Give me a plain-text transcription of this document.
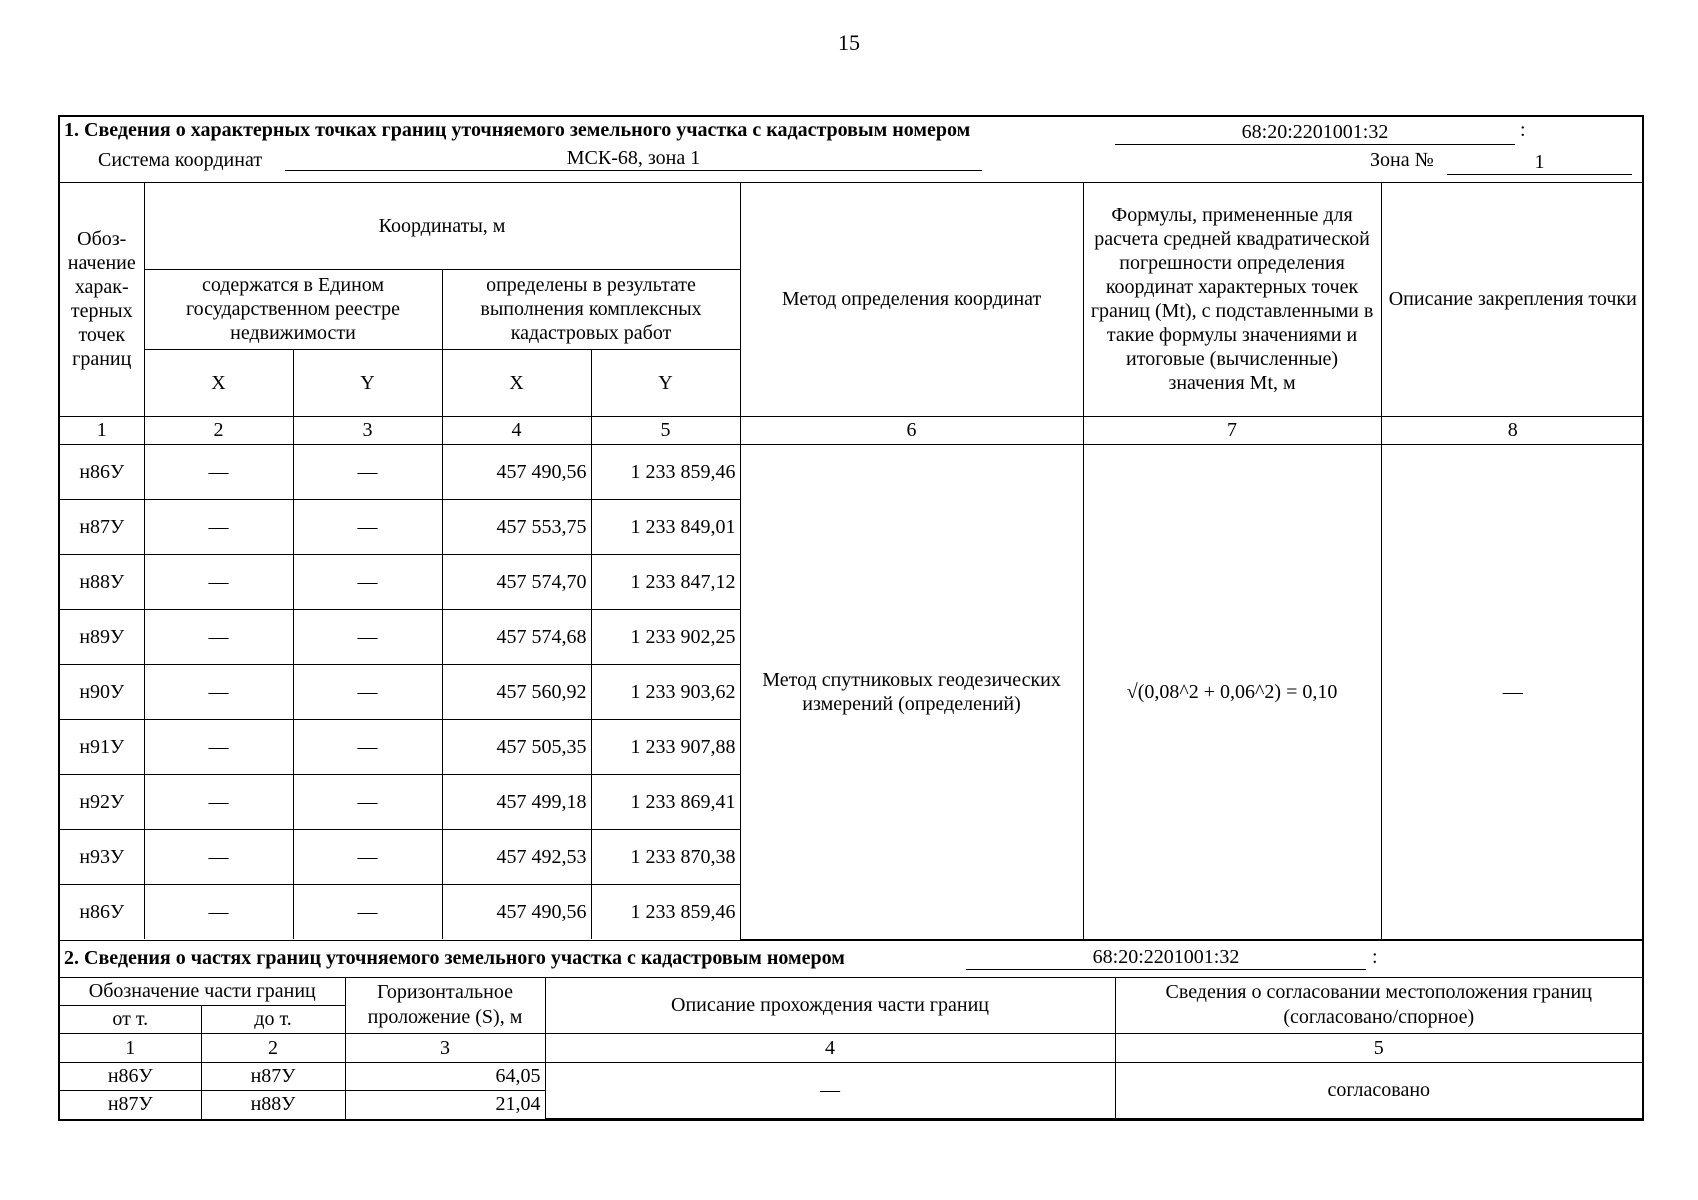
15
1. Сведения о характерных точках границ уточняемого земельного участка с кадастровым номером	68:20:2201001:32	:
Система координат	МСК-68, зона 1	Зона №	1
Обоз-начение харак-терных точек границ	Координаты, м				Метод определения координат	Формулы, примененные для расчета средней квадратической погрешности определения координат характерных точек границ (Mt), с подставленными в такие формулы значениями и итоговые (вычисленные) значения Mt, м	Описание закрепления точки
	содержатся в Едином государственном реестре недвижимости		определены в результате выполнения комплексных кадастровых работ				
	X	Y	X	Y			
1	2	3	4	5	6	7	8
н86У	—	—	457 490,56	1 233 859,46	Метод спутниковых геодезических измерений (определений)	√(0,08^2 + 0,06^2) = 0,10	—
н87У	—	—	457 553,75	1 233 849,01			
н88У	—	—	457 574,70	1 233 847,12			
н89У	—	—	457 574,68	1 233 902,25			
н90У	—	—	457 560,92	1 233 903,62			
н91У	—	—	457 505,35	1 233 907,88			
н92У	—	—	457 499,18	1 233 869,41			
н93У	—	—	457 492,53	1 233 870,38			
н86У	—	—	457 490,56	1 233 859,46			
2. Сведения о частях границ уточняемого земельного участка с кадастровым номером	68:20:2201001:32	:
Обозначение части границ		Горизонтальное проложение (S), м	Описание прохождения части границ	Сведения о согласовании местоположения границ (согласовано/спорное)
от т.	до т.			
1	2	3	4	5
н86У	н87У	64,05	—	согласовано
н87У	н88У	21,04		
